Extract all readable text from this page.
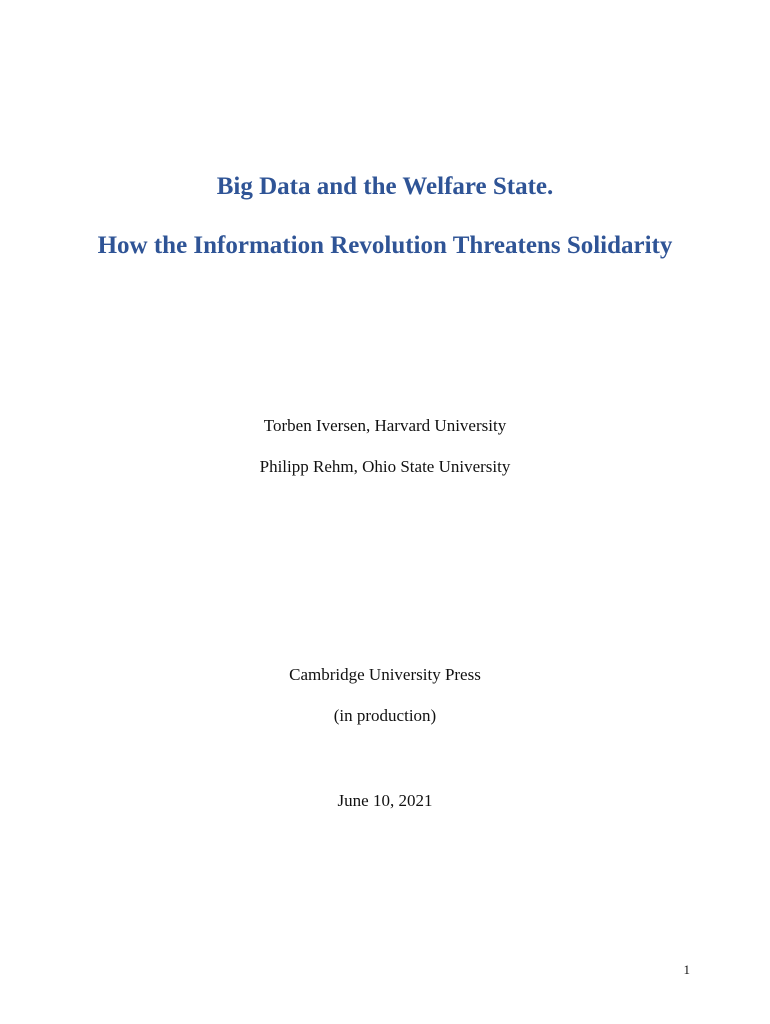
Big Data and the Welfare State.
How the Information Revolution Threatens Solidarity
Torben Iversen, Harvard University
Philipp Rehm, Ohio State University
Cambridge University Press
(in production)
June 10, 2021
1
